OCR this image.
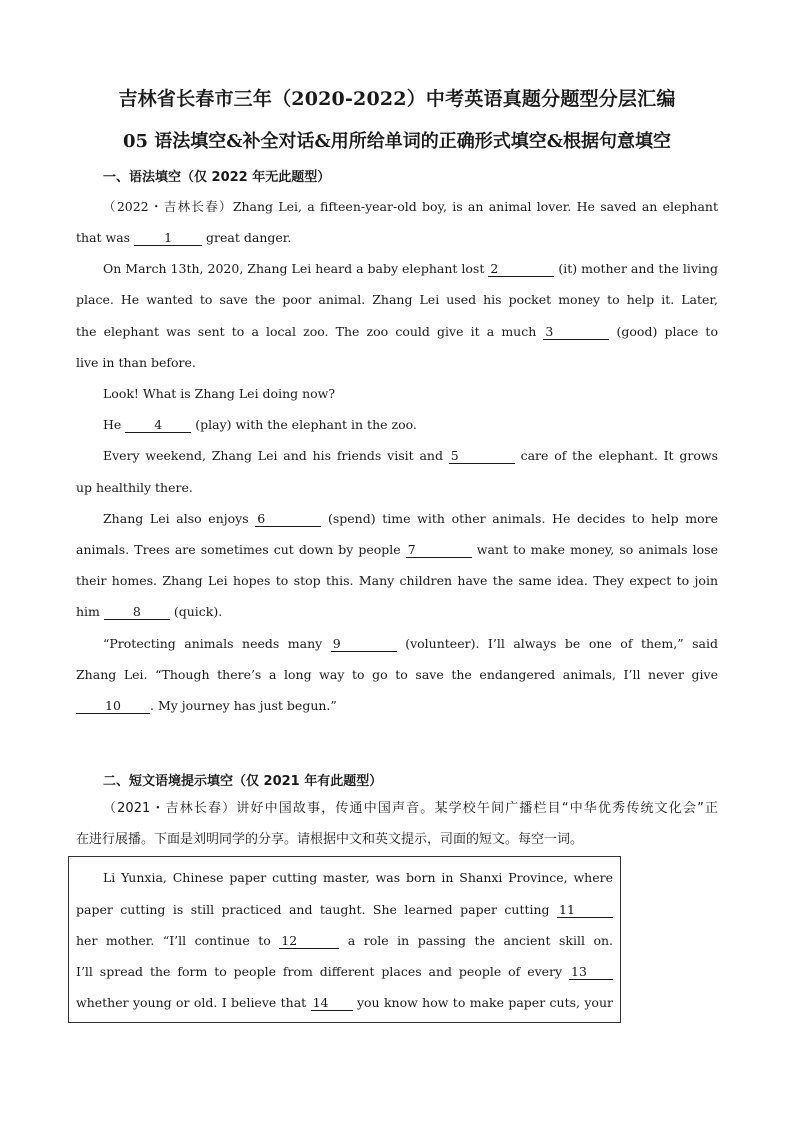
吉林省长春市三年（2020-2022）中考英语真题分题型分层汇编
05 语法填空&补全对话&用所给单词的正确形式填空&根据句意填空
一、语法填空（仅 2022 年无此题型）
（2022・吉林长春）Zhang Lei, a fifteen-year-old boy, is an animal lover. He saved an elephant
that was 1 great danger.
On March 13th, 2020, Zhang Lei heard a baby elephant lost 2	(it) mother and the living
place. He wanted to save the poor animal. Zhang Lei used his pocket money to help it. Later,
the elephant was sent to a local zoo. The zoo could give it a much 3	(good) place to
live in than before.
Look! What is Zhang Lei doing now?
He 4 (play) with the elephant in the zoo.
Every weekend, Zhang Lei and his friends visit and 5	care of the elephant. It grows
up healthily there.
Zhang Lei also enjoys 6	(spend) time with other animals. He decides to help more
animals. Trees are sometimes cut down by people 7	want to make money, so animals lose
their homes. Zhang Lei hopes to stop this. Many children have the same idea. They expect to join
him 8 (quick).
“Protecting animals needs many 9	(volunteer). I’ll always be one of them,” said
Zhang Lei. “Though there’s a long way to go to save the endangered animals, I’ll never give
10 . My journey has just begun.”
二、短文语境提示填空（仅 2021 年有此题型）
（2021・吉林长春）讲好中国故事，传通中国声音。某学校午间广播栏目“中华优秀传统文化会”正
在进行展播。下面是刘明同学的分享。请根据中文和英文提示，司面的短文。每空一词。
Li Yunxia, Chinese paper cutting master, was born in Shanxi Province, where
paper cutting is still practiced and taught. She learned paper cutting 11
her mother. “I’ll continue to 12	a role in passing the ancient skill on.
I’ll spread the form to people from different places and people of every 13
whether young or old. I believe that 14 you know how to make paper cuts, your
